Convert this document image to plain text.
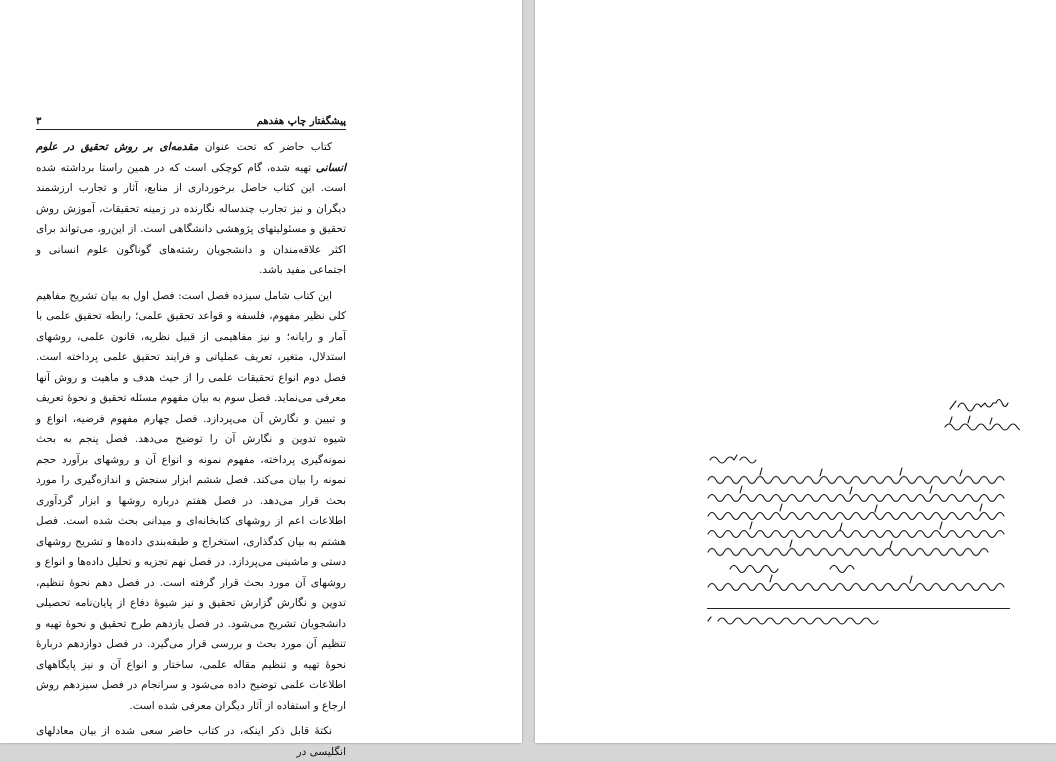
پیشگفتار چاپ هفدهم
۳

کتاب حاضر که تحت عنوان مقدمه‌ای بر روش تحقیق در علوم انسانی تهیه شده، گام کوچکی است که در همین راستا برداشته شده است. این کتاب حاصل برخورداری از منابع، آثار و تجارب ارزشمند دیگران و نیز تجارب چندساله نگارنده در زمینه تحقیقات، آموزش روش تحقیق و مسئولیتهای پژوهشی دانشگاهی است. از این‌رو، می‌تواند برای اکثر علاقه‌مندان و دانشجویان رشته‌های گوناگون علوم انسانی و اجتماعی مفید باشد.

این کتاب شامل سیزده فصل است: فصل اول به بیان تشریح مفاهیم کلی نظیر مفهوم، فلسفه و قواعد تحقیق علمی؛ رابطه تحقیق علمی با آمار و رایانه؛ و نیز مفاهیمی از قبیل نظریه، قانون علمی، روشهای استدلال، متغیر، تعریف عملیاتی و فرایند تحقیق علمی پرداخته است. فصل دوم انواع تحقیقات علمی را از حیث هدف و ماهیت و روش آنها معرفی می‌نماید. فصل سوم به بیان مفهوم مسئله تحقیق و نحوهٔ تعریف و تبیین و نگارش آن می‌پردازد. فصل چهارم مفهوم فرضیه، انواع و شیوه تدوین و نگارش آن را توضیح می‌دهد. فصل پنجم به بحث نمونه‌گیری پرداخته، مفهوم نمونه و انواع آن و روشهای برآورد حجم نمونه را بیان می‌کند. فصل ششم ابزار سنجش و اندازه‌گیری را مورد بحث قرار می‌دهد. در فصل هفتم درباره روشها و ابزار گردآوری اطلاعات اعم از روشهای کتابخانه‌ای و میدانی بحث شده است. فصل هشتم به بیان کدگذاری، استخراج و طبقه‌بندی داده‌ها و تشریح روشهای دستی و ماشینی می‌پردازد. در فصل نهم تجزیه و تحلیل داده‌ها و انواع و روشهای آن مورد بحث قرار گرفته است. در فصل دهم نحوهٔ تنظیم، تدوین و نگارش گزارش تحقیق و نیز شیوهٔ دفاع از پایان‌نامه تحصیلی دانشجویان تشریح می‌شود. در فصل یازدهم طرح تحقیق و نحوهٔ تهیه و تنظیم آن مورد بحث و بررسی قرار می‌گیرد. در فصل دوازدهم دربارهٔ نحوهٔ تهیه و تنظیم مقاله علمی، ساختار و انواع آن و نیز پایگاههای اطلاعات علمی توضیح داده می‌شود و سرانجام در فصل سیزدهم روش ارجاع و استفاده از آثار دیگران معرفی شده است.

نکتهٔ قابل ذکر اینکه، در کتاب حاضر سعی شده از بیان معادلهای انگلیسی در
